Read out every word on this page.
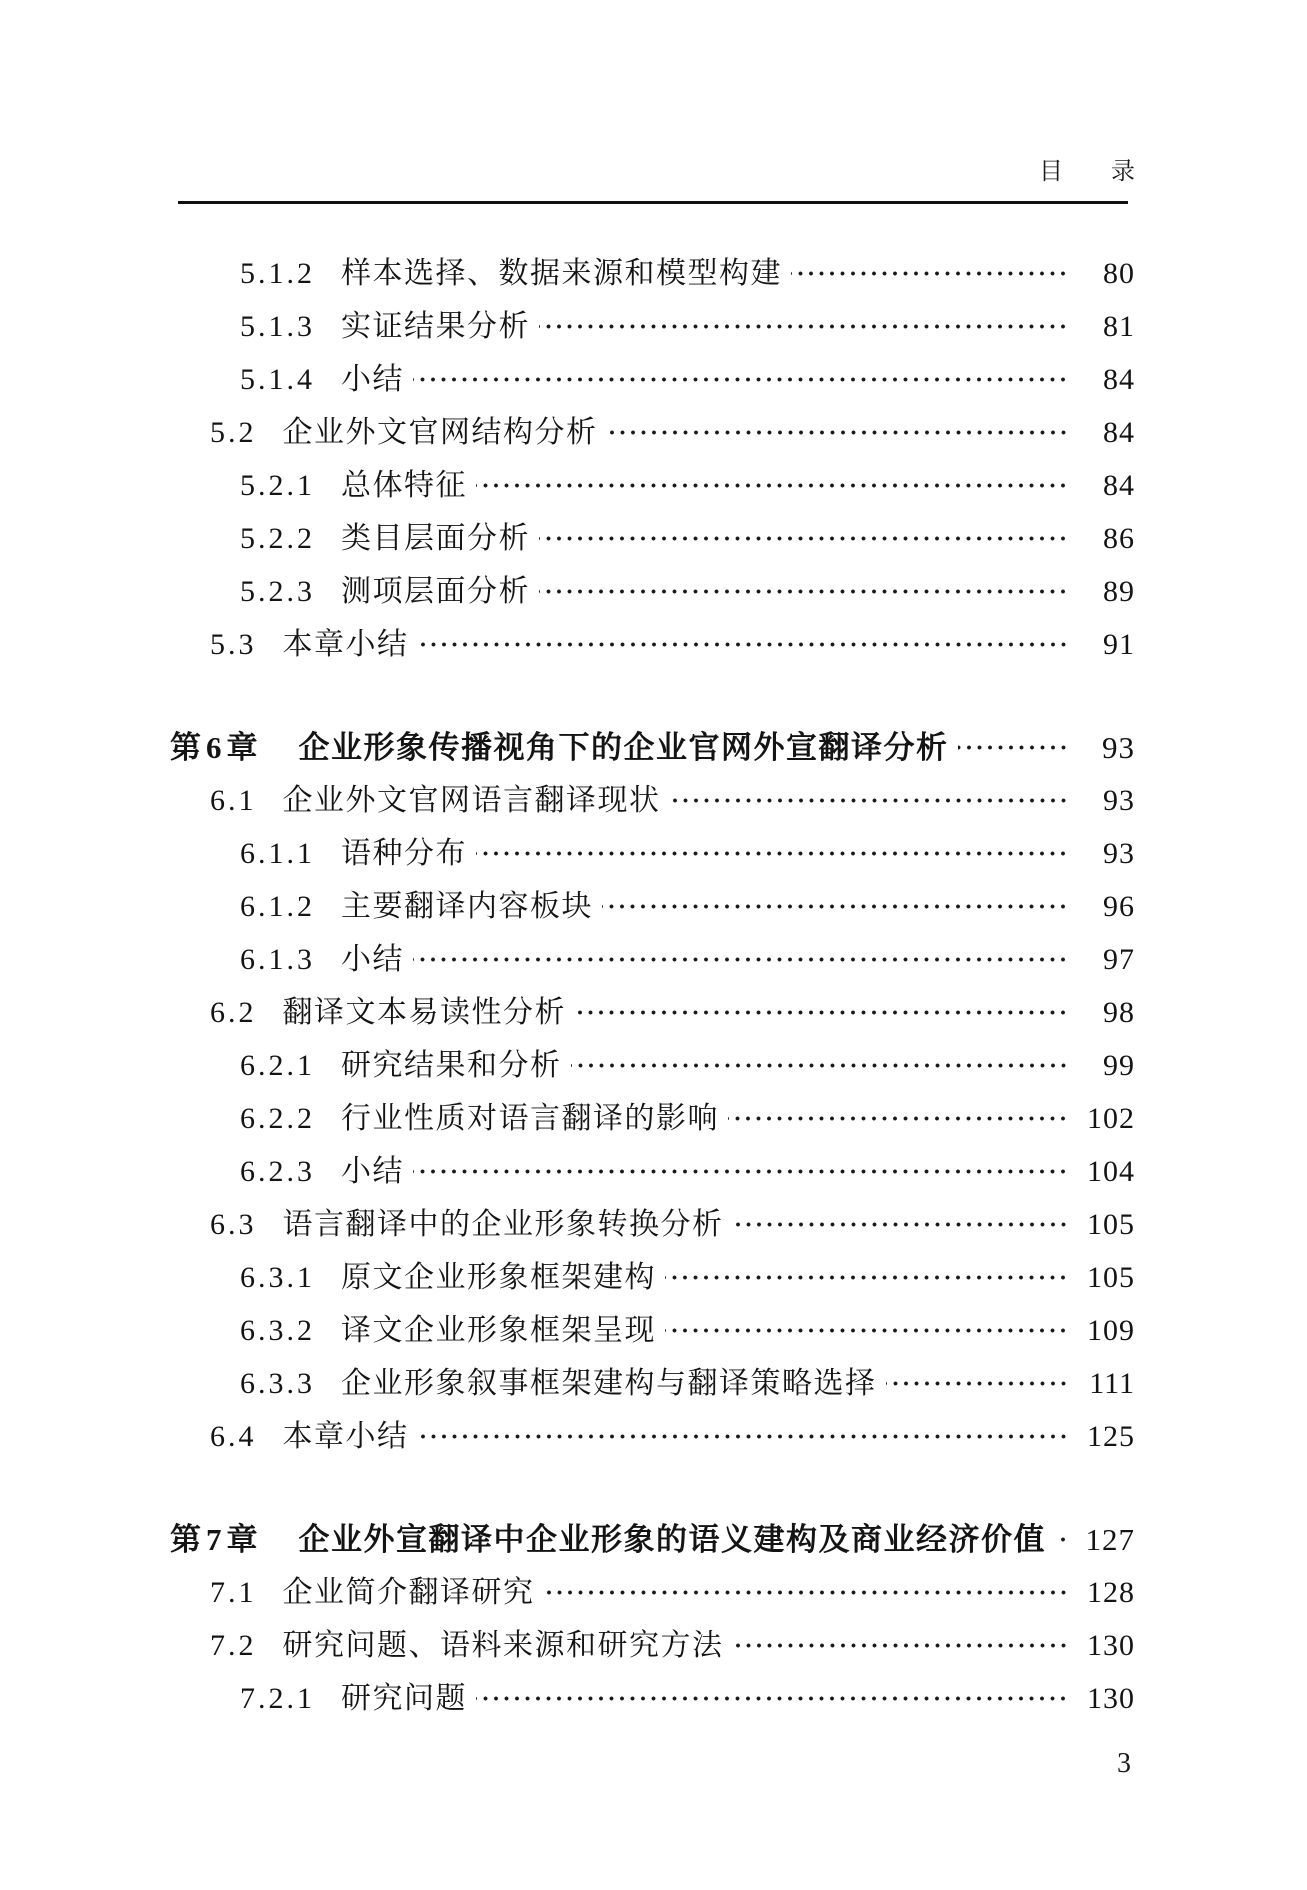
目　　录
5.1.2 样本选择、数据来源和模型构建	80
5.1.3 实证结果分析	81
5.1.4 小结	84
5.2 企业外文官网结构分析	84
5.2.1 总体特征	84
5.2.2 类目层面分析	86
5.2.3 测项层面分析	89
5.3 本章小结	91
第6章 企业形象传播视角下的企业官网外宣翻译分析	93
6.1 企业外文官网语言翻译现状	93
6.1.1 语种分布	93
6.1.2 主要翻译内容板块	96
6.1.3 小结	97
6.2 翻译文本易读性分析	98
6.2.1 研究结果和分析	99
6.2.2 行业性质对语言翻译的影响	102
6.2.3 小结	104
6.3 语言翻译中的企业形象转换分析	105
6.3.1 原文企业形象框架建构	105
6.3.2 译文企业形象框架呈现	109
6.3.3 企业形象叙事框架建构与翻译策略选择	111
6.4 本章小结	125
第7章 企业外宣翻译中企业形象的语义建构及商业经济价值 127
7.1 企业简介翻译研究	128
7.2 研究问题、语料来源和研究方法	130
7.2.1 研究问题	130
3
